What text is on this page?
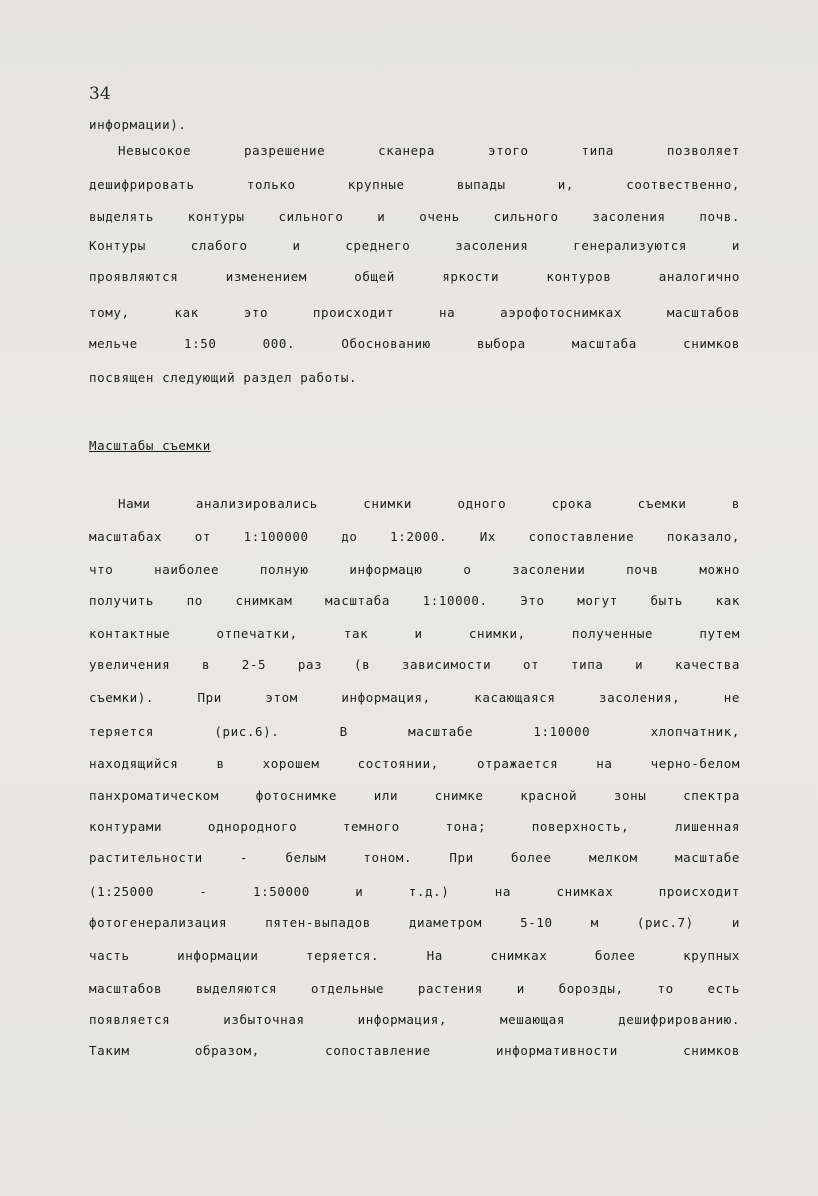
34
информации).
Невысокое разрешение сканера этого типа позволяет
дешифрировать только крупные выпады и, соотвественно,
выделять контуры сильного и очень сильного засоления почв.
Контуры слабого и среднего засоления генерализуются и
проявляются изменением общей яркости контуров аналогично
тому, как это происходит на аэрофотоснимках масштабов
мельче 1:50 000. Обоснованию выбора масштаба снимков
посвящен следующий раздел работы.
Масштабы съемки
Нами анализировались снимки одного срока съемки в
масштабах от 1:100000 до 1:2000. Их сопоставление показало,
что наиболее полную информацю о засолении почв можно
получить по снимкам масштаба 1:10000. Это могут быть как
контактные отпечатки, так и снимки, полученные путем
увеличения в 2-5 раз (в зависимости от типа и качества
съемки). При этом информация, касающаяся засоления, не
теряется (рис.6). В масштабе 1:10000 хлопчатник,
находящийся в хорошем состоянии, отражается на черно-белом
панхроматическом фотоснимке или снимке красной зоны спектра
контурами однородного темного тона; поверхность, лишенная
растительности - белым тоном. При более мелком масштабе
(1:25000 - 1:50000 и т.д.) на снимках происходит
фотогенерализация пятен-выпадов диаметром 5-10 м (рис.7) и
часть информации теряется. На снимках более крупных
масштабов выделяются отдельные растения и борозды, то есть
появляется избыточная информация, мешающая дешифрированию.
Таким образом, сопоставление информативности снимков
